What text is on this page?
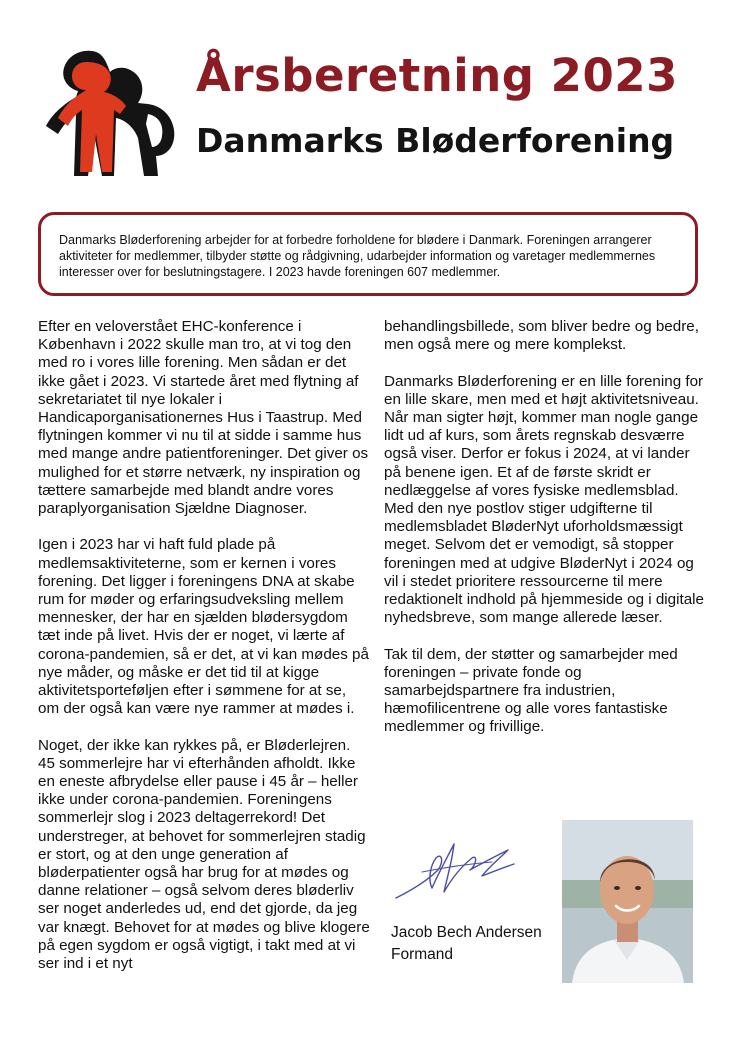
Årsberetning 2023
Danmarks Bløderforening
Danmarks Bløderforening arbejder for at forbedre forholdene for blødere i Danmark. Foreningen arrangerer aktiviteter for medlemmer, tilbyder støtte og rådgivning, udarbejder information og varetager medlemmernes interesser over for beslutningstagere. I 2023 havde foreningen 607 medlemmer.

Efter en veloverstået EHC-konference i København i 2022 skulle man tro, at vi tog den med ro i vores lille forening. Men sådan er det ikke gået i 2023. Vi startede året med flytning af sekretariatet til nye lokaler i Handicaporganisationernes Hus i Taastrup. Med flytningen kommer vi nu til at sidde i samme hus med mange andre patientforeninger. Det giver os mulighed for et større netværk, ny inspiration og tættere samarbejde med blandt andre vores paraplyorganisation Sjældne Diagnoser.

Igen i 2023 har vi haft fuld plade på medlemsaktiviteterne, som er kernen i vores forening. Det ligger i foreningens DNA at skabe rum for møder og erfaringsudveksling mellem mennesker, der har en sjælden blødersygdom tæt inde på livet. Hvis der er noget, vi lærte af corona-pandemien, så er det, at vi kan mødes på nye måder, og måske er det tid til at kigge aktivitetsporteføljen efter i sømmene for at se, om der også kan være nye rammer at mødes i.

Noget, der ikke kan rykkes på, er Bløderlejren. 45 sommerlejre har vi efterhånden afholdt. Ikke en eneste afbrydelse eller pause i 45 år – heller ikke under corona-pandemien. Foreningens sommerlejr slog i 2023 deltagerrekord! Det understreger, at behovet for sommerlejren stadig er stort, og at den unge generation af bløderpatienter også har brug for at mødes og danne relationer – også selvom deres bløderliv ser noget anderledes ud, end det gjorde, da jeg var knægt. Behovet for at mødes og blive klogere på egen sygdom er også vigtigt, i takt med at vi ser ind i et nyt

behandlingsbillede, som bliver bedre og bedre, men også mere og mere komplekst.

Danmarks Bløderforening er en lille forening for en lille skare, men med et højt aktivitetsniveau. Når man sigter højt, kommer man nogle gange lidt ud af kurs, som årets regnskab desværre også viser. Derfor er fokus i 2024, at vi lander på benene igen. Et af de første skridt er nedlæggelse af vores fysiske medlemsblad. Med den nye postlov stiger udgifterne til medlemsbladet BløderNyt uforholdsmæssigt meget. Selvom det er vemodigt, så stopper foreningen med at udgive BløderNyt i 2024 og vil i stedet prioritere ressourcerne til mere redaktionelt indhold på hjemmeside og i digitale nyhedsbreve, som mange allerede læser.

Tak til dem, der støtter og samarbejder med foreningen – private fonde og samarbejdspartnere fra industrien, hæmofilicentrene og alle vores fantastiske medlemmer og frivillige.

Jacob Bech Andersen
Formand
